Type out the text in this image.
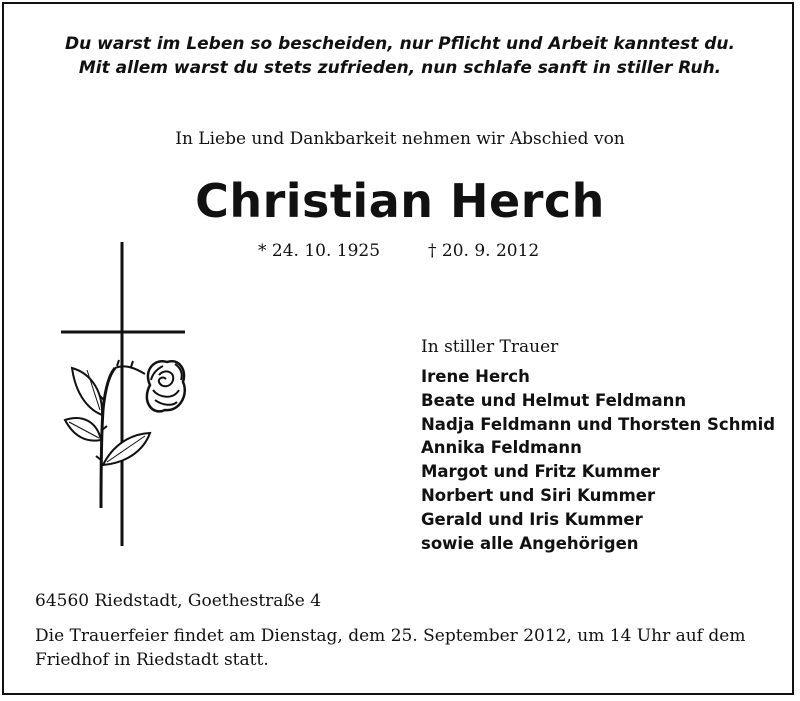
Du warst im Leben so bescheiden, nur Pflicht und Arbeit kanntest du.
Mit allem warst du stets zufrieden, nun schlafe sanft in stiller Ruh.
In Liebe und Dankbarkeit nehmen wir Abschied von
Christian Herch
* 24. 10. 1925	† 20. 9. 2012
In stiller Trauer
Irene Herch
Beate und Helmut Feldmann
Nadja Feldmann und Thorsten Schmid
Annika Feldmann
Margot und Fritz Kummer
Norbert und Siri Kummer
Gerald und Iris Kummer
sowie alle Angehörigen
64560 Riedstadt, Goethestraße 4
Die Trauerfeier findet am Dienstag, dem 25. September 2012, um 14 Uhr auf dem Friedhof in Riedstadt statt.
